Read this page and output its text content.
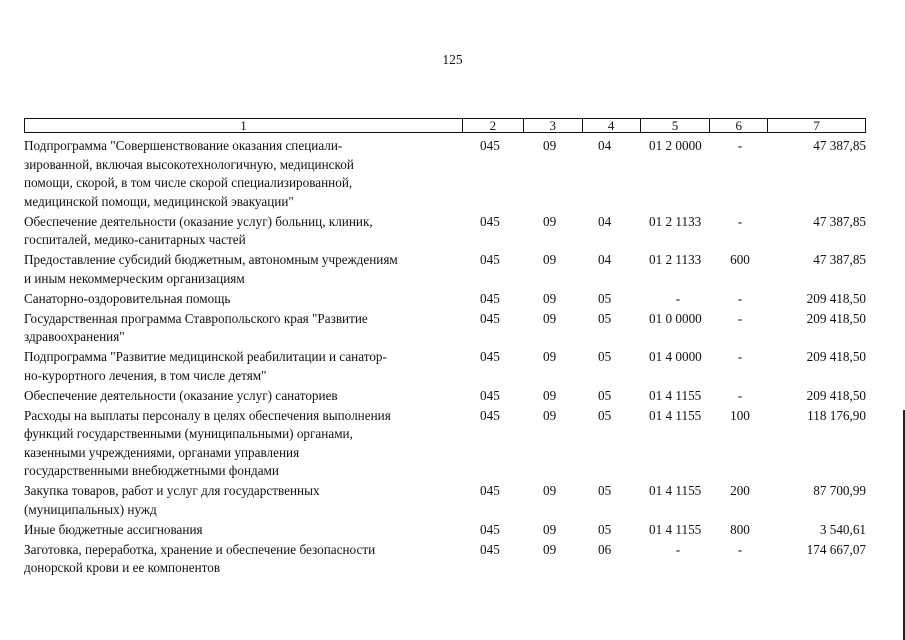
125
1	2	3	4	5	6	7
Подпрограмма "Совершенствование оказания специали-
зированной, включая высокотехнологичную, медицинской
помощи, скорой, в том числе скорой специализированной,
медицинской помощи, медицинской эвакуации"
045	09	04	01 2 0000	-	47 387,85
Обеспечение деятельности (оказание услуг) больниц, клиник,
госпиталей, медико-санитарных частей
045	09	04	01 2 1133	-	47 387,85
Предоставление субсидий бюджетным, автономным учреждениям
и иным некоммерческим организациям
045	09	04	01 2 1133	600	47 387,85
Санаторно-оздоровительная помощь	045	09	05	-	-	209 418,50
Государственная программа Ставропольского края "Развитие
здравоохранения"
045	09	05	01 0 0000	-	209 418,50
Подпрограмма "Развитие медицинской реабилитации и санатор-
но-курортного лечения, в том числе детям"
045	09	05	01 4 0000	-	209 418,50
Обеспечение деятельности (оказание услуг) санаториев	045	09	05	01 4 1155	-	209 418,50
Расходы на выплаты персоналу в целях обеспечения выполнения
функций государственными (муниципальными) органами,
казенными учреждениями, органами управления
государственными внебюджетными фондами
045	09	05	01 4 1155	100	118 176,90
Закупка товаров, работ и услуг для государственных
(муниципальных) нужд
045	09	05	01 4 1155	200	87 700,99
Иные бюджетные ассигнования	045	09	05	01 4 1155	800	3 540,61
Заготовка, переработка, хранение и обеспечение безопасности
донорской крови и ее компонентов
045	09	06	-	-	174 667,07
